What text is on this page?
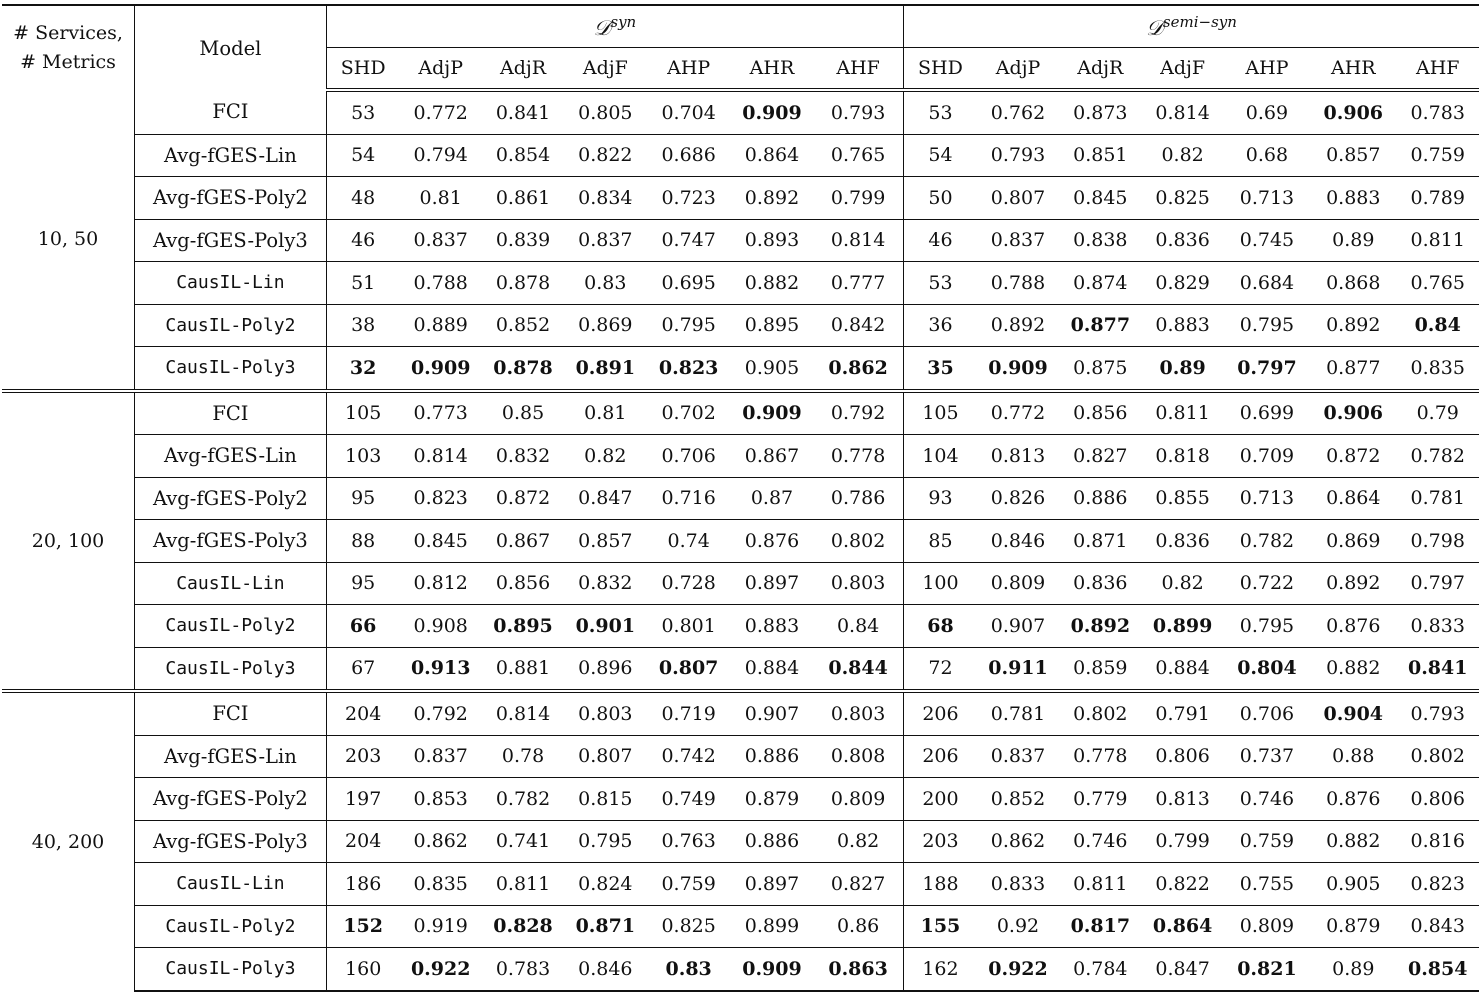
# Services,
# Metrics	Model	𝒟$^{syn}$							𝒟$^{semi-syn}$
		SHD	AdjP	AdjR	AdjF	AHP	AHR	AHF	SHD	AdjP	AdjR	AdjF	AHP	AHR	AHF
10, 50	FCI	53	0.772	0.841	0.805	0.704	0.909	0.793	53	0.762	0.873	0.814	0.69	0.906	0.783
	Avg-fGES-Lin	54	0.794	0.854	0.822	0.686	0.864	0.765	54	0.793	0.851	0.82	0.68	0.857	0.759
	Avg-fGES-Poly2	48	0.81	0.861	0.834	0.723	0.892	0.799	50	0.807	0.845	0.825	0.713	0.883	0.789
	Avg-fGES-Poly3	46	0.837	0.839	0.837	0.747	0.893	0.814	46	0.837	0.838	0.836	0.745	0.89	0.811
	CausIL-Lin	51	0.788	0.878	0.83	0.695	0.882	0.777	53	0.788	0.874	0.829	0.684	0.868	0.765
	CausIL-Poly2	38	0.889	0.852	0.869	0.795	0.895	0.842	36	0.892	0.877	0.883	0.795	0.892	0.84
	CausIL-Poly3	32	0.909	0.878	0.891	0.823	0.905	0.862	35	0.909	0.875	0.89	0.797	0.877	0.835
20, 100	FCI	105	0.773	0.85	0.81	0.702	0.909	0.792	105	0.772	0.856	0.811	0.699	0.906	0.79
	Avg-fGES-Lin	103	0.814	0.832	0.82	0.706	0.867	0.778	104	0.813	0.827	0.818	0.709	0.872	0.782
	Avg-fGES-Poly2	95	0.823	0.872	0.847	0.716	0.87	0.786	93	0.826	0.886	0.855	0.713	0.864	0.781
	Avg-fGES-Poly3	88	0.845	0.867	0.857	0.74	0.876	0.802	85	0.846	0.871	0.836	0.782	0.869	0.798
	CausIL-Lin	95	0.812	0.856	0.832	0.728	0.897	0.803	100	0.809	0.836	0.82	0.722	0.892	0.797
	CausIL-Poly2	66	0.908	0.895	0.901	0.801	0.883	0.84	68	0.907	0.892	0.899	0.795	0.876	0.833
	CausIL-Poly3	67	0.913	0.881	0.896	0.807	0.884	0.844	72	0.911	0.859	0.884	0.804	0.882	0.841
40, 200	FCI	204	0.792	0.814	0.803	0.719	0.907	0.803	206	0.781	0.802	0.791	0.706	0.904	0.793
	Avg-fGES-Lin	203	0.837	0.78	0.807	0.742	0.886	0.808	206	0.837	0.778	0.806	0.737	0.88	0.802
	Avg-fGES-Poly2	197	0.853	0.782	0.815	0.749	0.879	0.809	200	0.852	0.779	0.813	0.746	0.876	0.806
	Avg-fGES-Poly3	204	0.862	0.741	0.795	0.763	0.886	0.82	203	0.862	0.746	0.799	0.759	0.882	0.816
	CausIL-Lin	186	0.835	0.811	0.824	0.759	0.897	0.827	188	0.833	0.811	0.822	0.755	0.905	0.823
	CausIL-Poly2	152	0.919	0.828	0.871	0.825	0.899	0.86	155	0.92	0.817	0.864	0.809	0.879	0.843
	CausIL-Poly3	160	0.922	0.783	0.846	0.83	0.909	0.863	162	0.922	0.784	0.847	0.821	0.89	0.854
